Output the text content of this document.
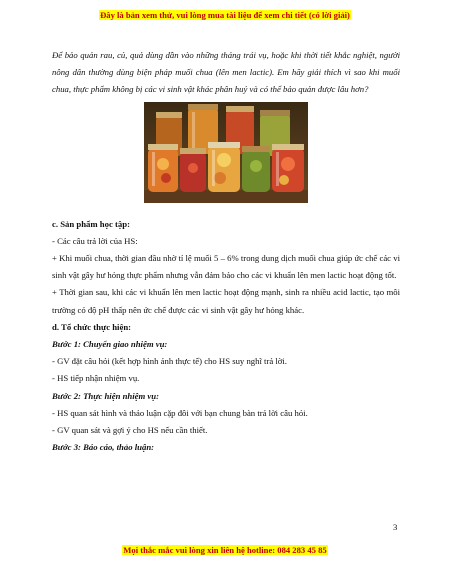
Đây là bản xem thử, vui lòng mua tài liệu để xem chi tiết (có lời giải)

Để bảo quản rau, củ, quả dùng dần vào những tháng trái vụ, hoặc khi thời tiết khắc nghiệt, người nông dân thường dùng biện pháp muối chua (lên men lactic). Em hãy giải thích vì sao khi muối chua, thực phẩm không bị các vi sinh vật khác phân huỷ và có thể bảo quản được lâu hơn?

c. Sản phẩm học tập:

- Các câu trả lời của HS:

+ Khi muối chua, thời gian đầu nhờ tỉ lệ muối 5 – 6% trong dung dịch muối chua giúp ức chế các vi sinh vật gây hư hỏng thực phẩm nhưng vẫn đảm bảo cho các vi khuẩn lên men lactic hoạt động tốt.

+ Thời gian sau, khi các vi khuẩn lên men lactic hoạt động mạnh, sinh ra nhiều acid lactic, tạo môi trường có độ pH thấp nên ức chế được các vi sinh vật gây hư hỏng khác.

d. Tổ chức thực hiện:

Bước 1: Chuyển giao nhiệm vụ:

- GV đặt câu hỏi (kết hợp hình ảnh thực tế) cho HS suy nghĩ trả lời.

- HS tiếp nhận nhiệm vụ.

Bước 2: Thực hiện nhiệm vụ:

- HS quan sát hình và thảo luận cặp đôi với bạn chung bàn trả lời câu hỏi.

- GV quan sát và gợi ý cho HS nếu cần thiết.

Bước 3: Báo cáo, thảo luận:

3
Mọi thắc mắc vui lòng xin liên hệ hotline: 084 283 45 85
